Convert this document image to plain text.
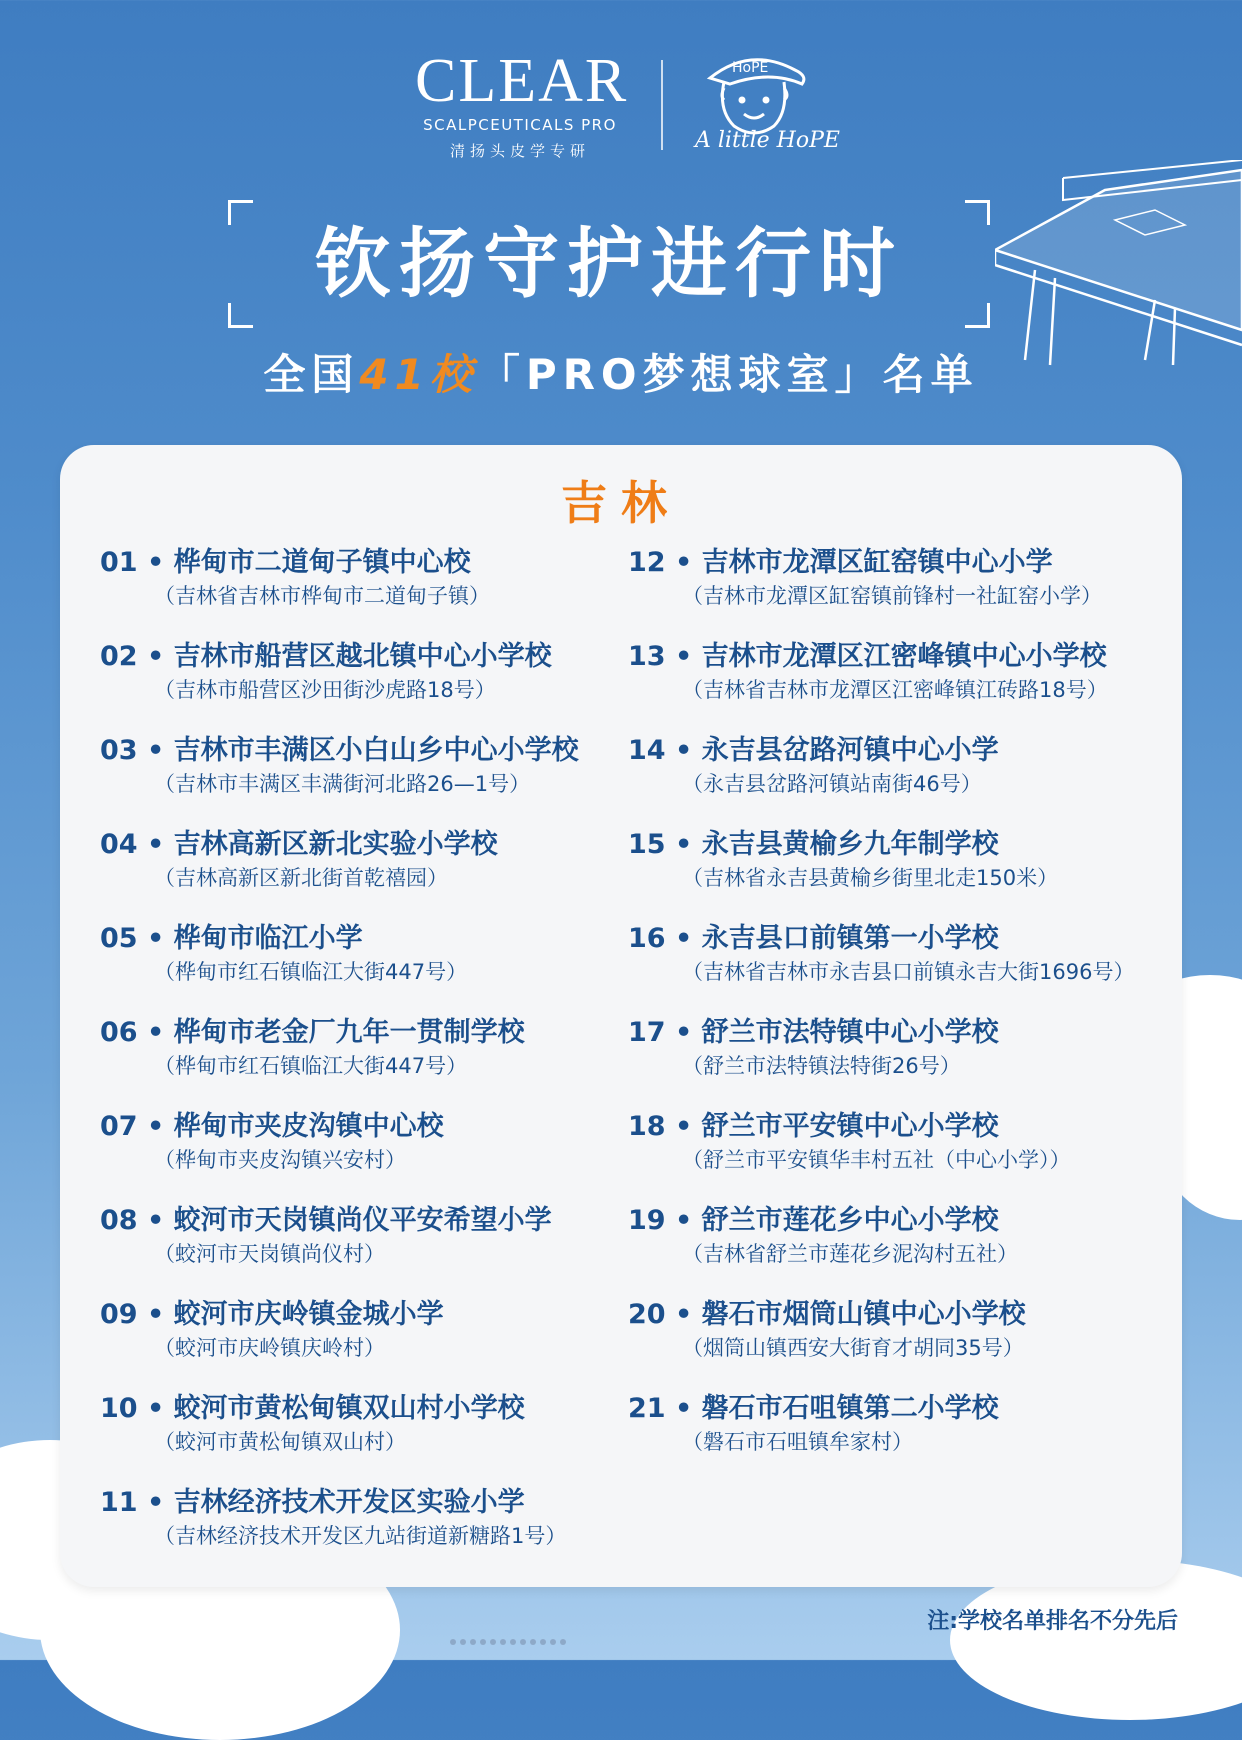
CLEAR
SCALPCEUTICALS PRO
清扬头皮学专研
HoPE
A little HoPE
钦扬守护进行时
全国41校「PRO梦想球室」名单
吉林
01 • 桦甸市二道甸子镇中心校
（吉林省吉林市桦甸市二道甸子镇）
02 • 吉林市船营区越北镇中心小学校
（吉林市船营区沙田街沙虎路18号）
03 • 吉林市丰满区小白山乡中心小学校
（吉林市丰满区丰满街河北路26—1号）
04 • 吉林高新区新北实验小学校
（吉林高新区新北街首乾禧园）
05 • 桦甸市临江小学
（桦甸市红石镇临江大街447号）
06 • 桦甸市老金厂九年一贯制学校
（桦甸市红石镇临江大街447号）
07 • 桦甸市夹皮沟镇中心校
（桦甸市夹皮沟镇兴安村）
08 • 蛟河市天岗镇尚仪平安希望小学
（蛟河市天岗镇尚仪村）
09 • 蛟河市庆岭镇金城小学
（蛟河市庆岭镇庆岭村）
10 • 蛟河市黄松甸镇双山村小学校
（蛟河市黄松甸镇双山村）
11 • 吉林经济技术开发区实验小学
（吉林经济技术开发区九站街道新糖路1号）
12 • 吉林市龙潭区缸窑镇中心小学
（吉林市龙潭区缸窑镇前锋村一社缸窑小学）
13 • 吉林市龙潭区江密峰镇中心小学校
（吉林省吉林市龙潭区江密峰镇江砖路18号）
14 • 永吉县岔路河镇中心小学
（永吉县岔路河镇站南街46号）
15 • 永吉县黄榆乡九年制学校
（吉林省永吉县黄榆乡街里北走150米）
16 • 永吉县口前镇第一小学校
（吉林省吉林市永吉县口前镇永吉大街1696号）
17 • 舒兰市法特镇中心小学校
（舒兰市法特镇法特街26号）
18 • 舒兰市平安镇中心小学校
（舒兰市平安镇华丰村五社（中心小学））
19 • 舒兰市莲花乡中心小学校
（吉林省舒兰市莲花乡泥沟村五社）
20 • 磐石市烟筒山镇中心小学校
（烟筒山镇西安大街育才胡同35号）
21 • 磐石市石咀镇第二小学校
（磐石市石咀镇牟家村）
注:学校名单排名不分先后
